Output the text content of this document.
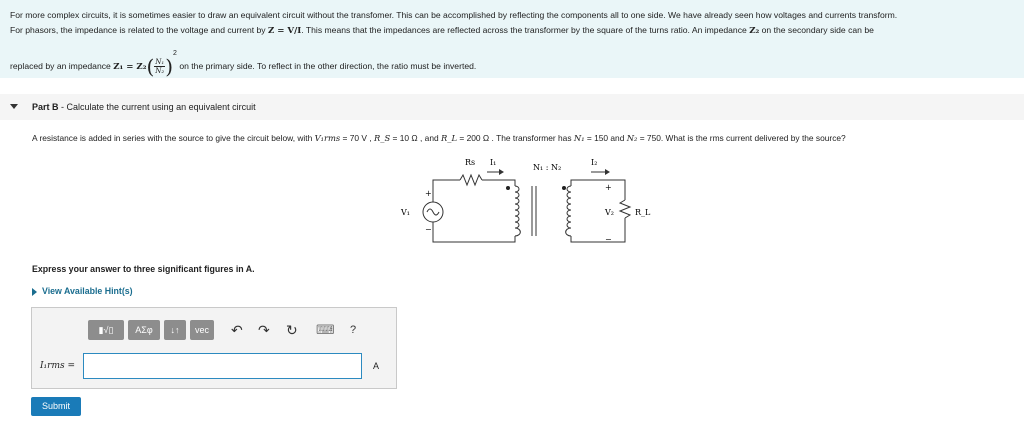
For more complex circuits, it is sometimes easier to draw an equivalent circuit without the transfomer. This can be accomplished by reflecting the components all to one side. We have already seen how voltages and currents transform.
For phasors, the impedance is related to the voltage and current by Z = V/I. This means that the impedances are reflected across the transformer by the square of the turns ratio. An impedance Z₂ on the secondary side can be
replaced by an impedance $Z_1 = Z_2( \frac{\text{N₁}}{\text{N₂}} )^2$ on the primary side. To reflect in the other direction, the ratio must be inverted.
Part B - Calculate the current using an equivalent circuit
A resistance is added in series with the source to give the circuit below, with V₁rms = 70 V , R_S = 10 Ω , and R_L = 200 Ω . The transformer has N₁ = 150 and N₂ = 750. What is the rms current delivered by the source?
Rs I₁
N₁ : N₂
I₂
V₁	V₂	R_L
+
−
+
−
Express your answer to three significant figures in A.
View Available Hint(s)
▮√▯	ΑΣφ	↓↑	vec	↶ ↷ ↻ ⌨ ?
I₁rms =	A
Submit
